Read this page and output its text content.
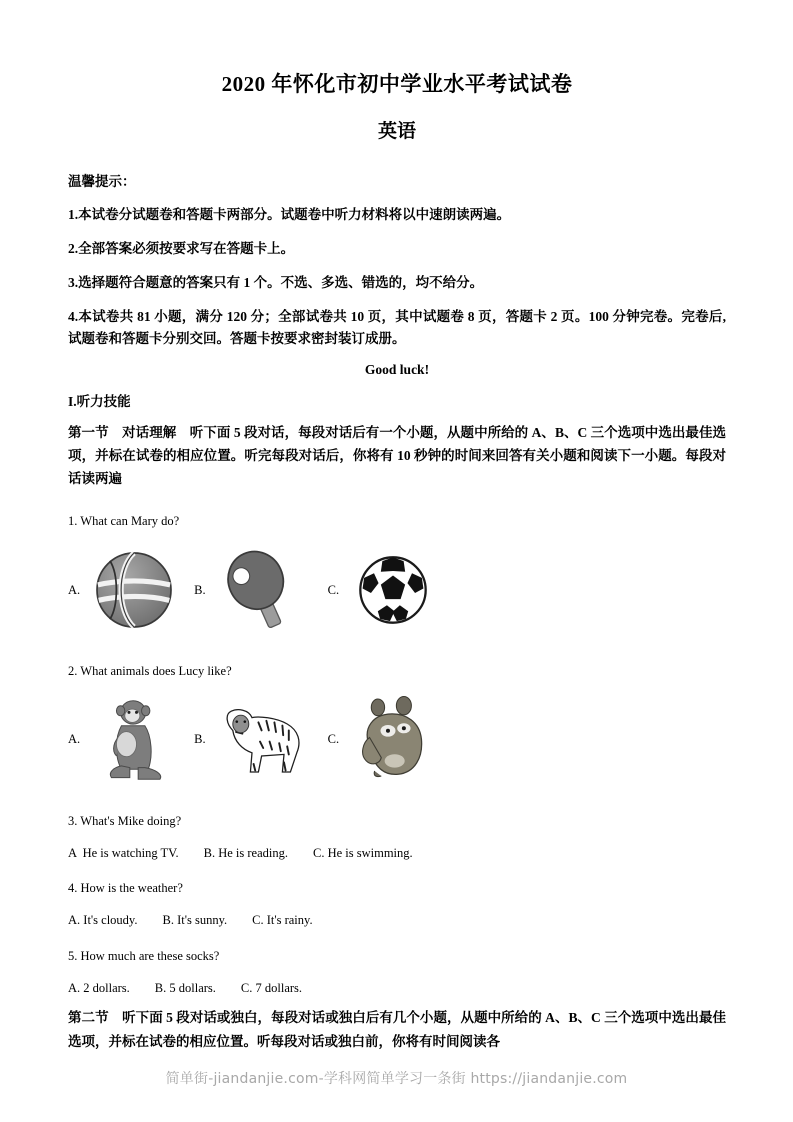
2020 年怀化市初中学业水平考试试卷
英语
温馨提示：
1.本试卷分试题卷和答题卡两部分。试题卷中听力材料将以中速朗读两遍。
2.全部答案必须按要求写在答题卡上。
3.选择题符合题意的答案只有 1 个。不选、多选、错选的，均不给分。
4.本试卷共 81 小题，满分 120 分；全部试卷共 10 页，其中试题卷 8 页，答题卡 2 页。100 分钟完卷。完卷后,试题卷和答题卡分别交回。答题卡按要求密封装订成册。
Good luck!
I.听力技能
第一节　对话理解　听下面 5 段对话，每段对话后有一个小题，从题中所给的 A、B、C 三个选项中选出最佳选项，并标在试卷的相应位置。听完每段对话后，你将有 10 秒钟的时间来回答有关小题和阅读下一小题。每段对话读两遍
1. What can Mary do?
A.	B.	C.
2. What animals does Lucy like?
A.	B.	C.
3. What's Mike doing?
A  He is watching TV.        B. He is reading.        C. He is swimming.
4. How is the weather?
A. It's cloudy.        B. It's sunny.        C. It's rainy.
5. How much are these socks?
A. 2 dollars.        B. 5 dollars.        C. 7 dollars.
第二节　听下面 5 段对话或独白，每段对话或独白后有几个小题，从题中所给的 A、B、C 三个选项中选出最佳选项，并标在试卷的相应位置。听每段对话或独白前，你将有时间阅读各
简单街-jiandanjie.com-学科网简单学习一条街 https://jiandanjie.com
